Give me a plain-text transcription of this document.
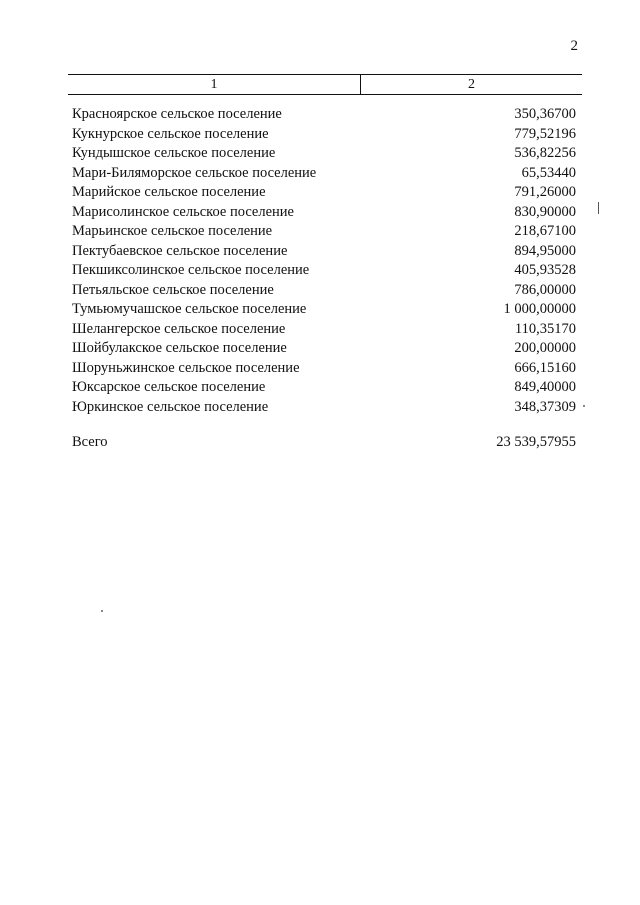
2
1	2
Красноярское сельское поселение	350,36700
Кукнурское сельское поселение	779,52196
Кундышское сельское поселение	536,82256
Мари-Биляморское сельское поселение	65,53440
Марийское сельское поселение	791,26000
Марисолинское сельское поселение	830,90000
Марьинское сельское поселение	218,67100
Пектубаевское сельское поселение	894,95000
Пекшиксолинское сельское поселение	405,93528
Петьяльское сельское поселение	786,00000
Тумьюмучашское сельское поселение	1 000,00000
Шелангерское сельское поселение	110,35170
Шойбулакское сельское поселение	200,00000
Шоруньжинское сельское поселение	666,15160
Юксарское сельское поселение	849,40000
Юркинское сельское поселение	348,37309
Всего	23 539,57955
